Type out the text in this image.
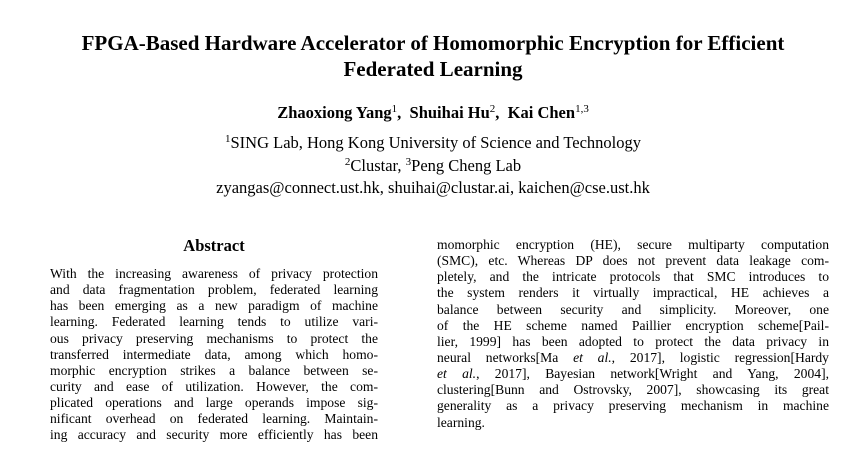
FPGA-Based Hardware Accelerator of Homomorphic Encryption for Efficient
Federated Learning
Zhaoxiong Yang$^1$,  Shuihai Hu$^2$,  Kai Chen$^{1,3}$
$^1$SING Lab, Hong Kong University of Science and Technology
$^2$Clustar, $^3$Peng Cheng Lab
zyangas@connect.ust.hk, shuihai@clustar.ai, kaichen@cse.ust.hk
Abstract
With the increasing awareness of privacy protection
and data fragmentation problem, federated learning
has been emerging as a new paradigm of machine
learning. Federated learning tends to utilize vari-
ous privacy preserving mechanisms to protect the
transferred intermediate data, among which homo-
morphic encryption strikes a balance between se-
curity and ease of utilization. However, the com-
plicated operations and large operands impose sig-
nificant overhead on federated learning. Maintain-
ing accuracy and security more efficiently has been
momorphic encryption (HE), secure multiparty computation
(SMC), etc. Whereas DP does not prevent data leakage com-
pletely, and the intricate protocols that SMC introduces to
the system renders it virtually impractical, HE achieves a
balance between security and simplicity. Moreover, one
of the HE scheme named Paillier encryption scheme[Pail-
lier, 1999] has been adopted to protect the data privacy in
neural networks[Ma et al., 2017], logistic regression[Hardy
et al., 2017], Bayesian network[Wright and Yang, 2004],
clustering[Bunn and Ostrovsky, 2007], showcasing its great
generality as a privacy preserving mechanism in machine
learning.
